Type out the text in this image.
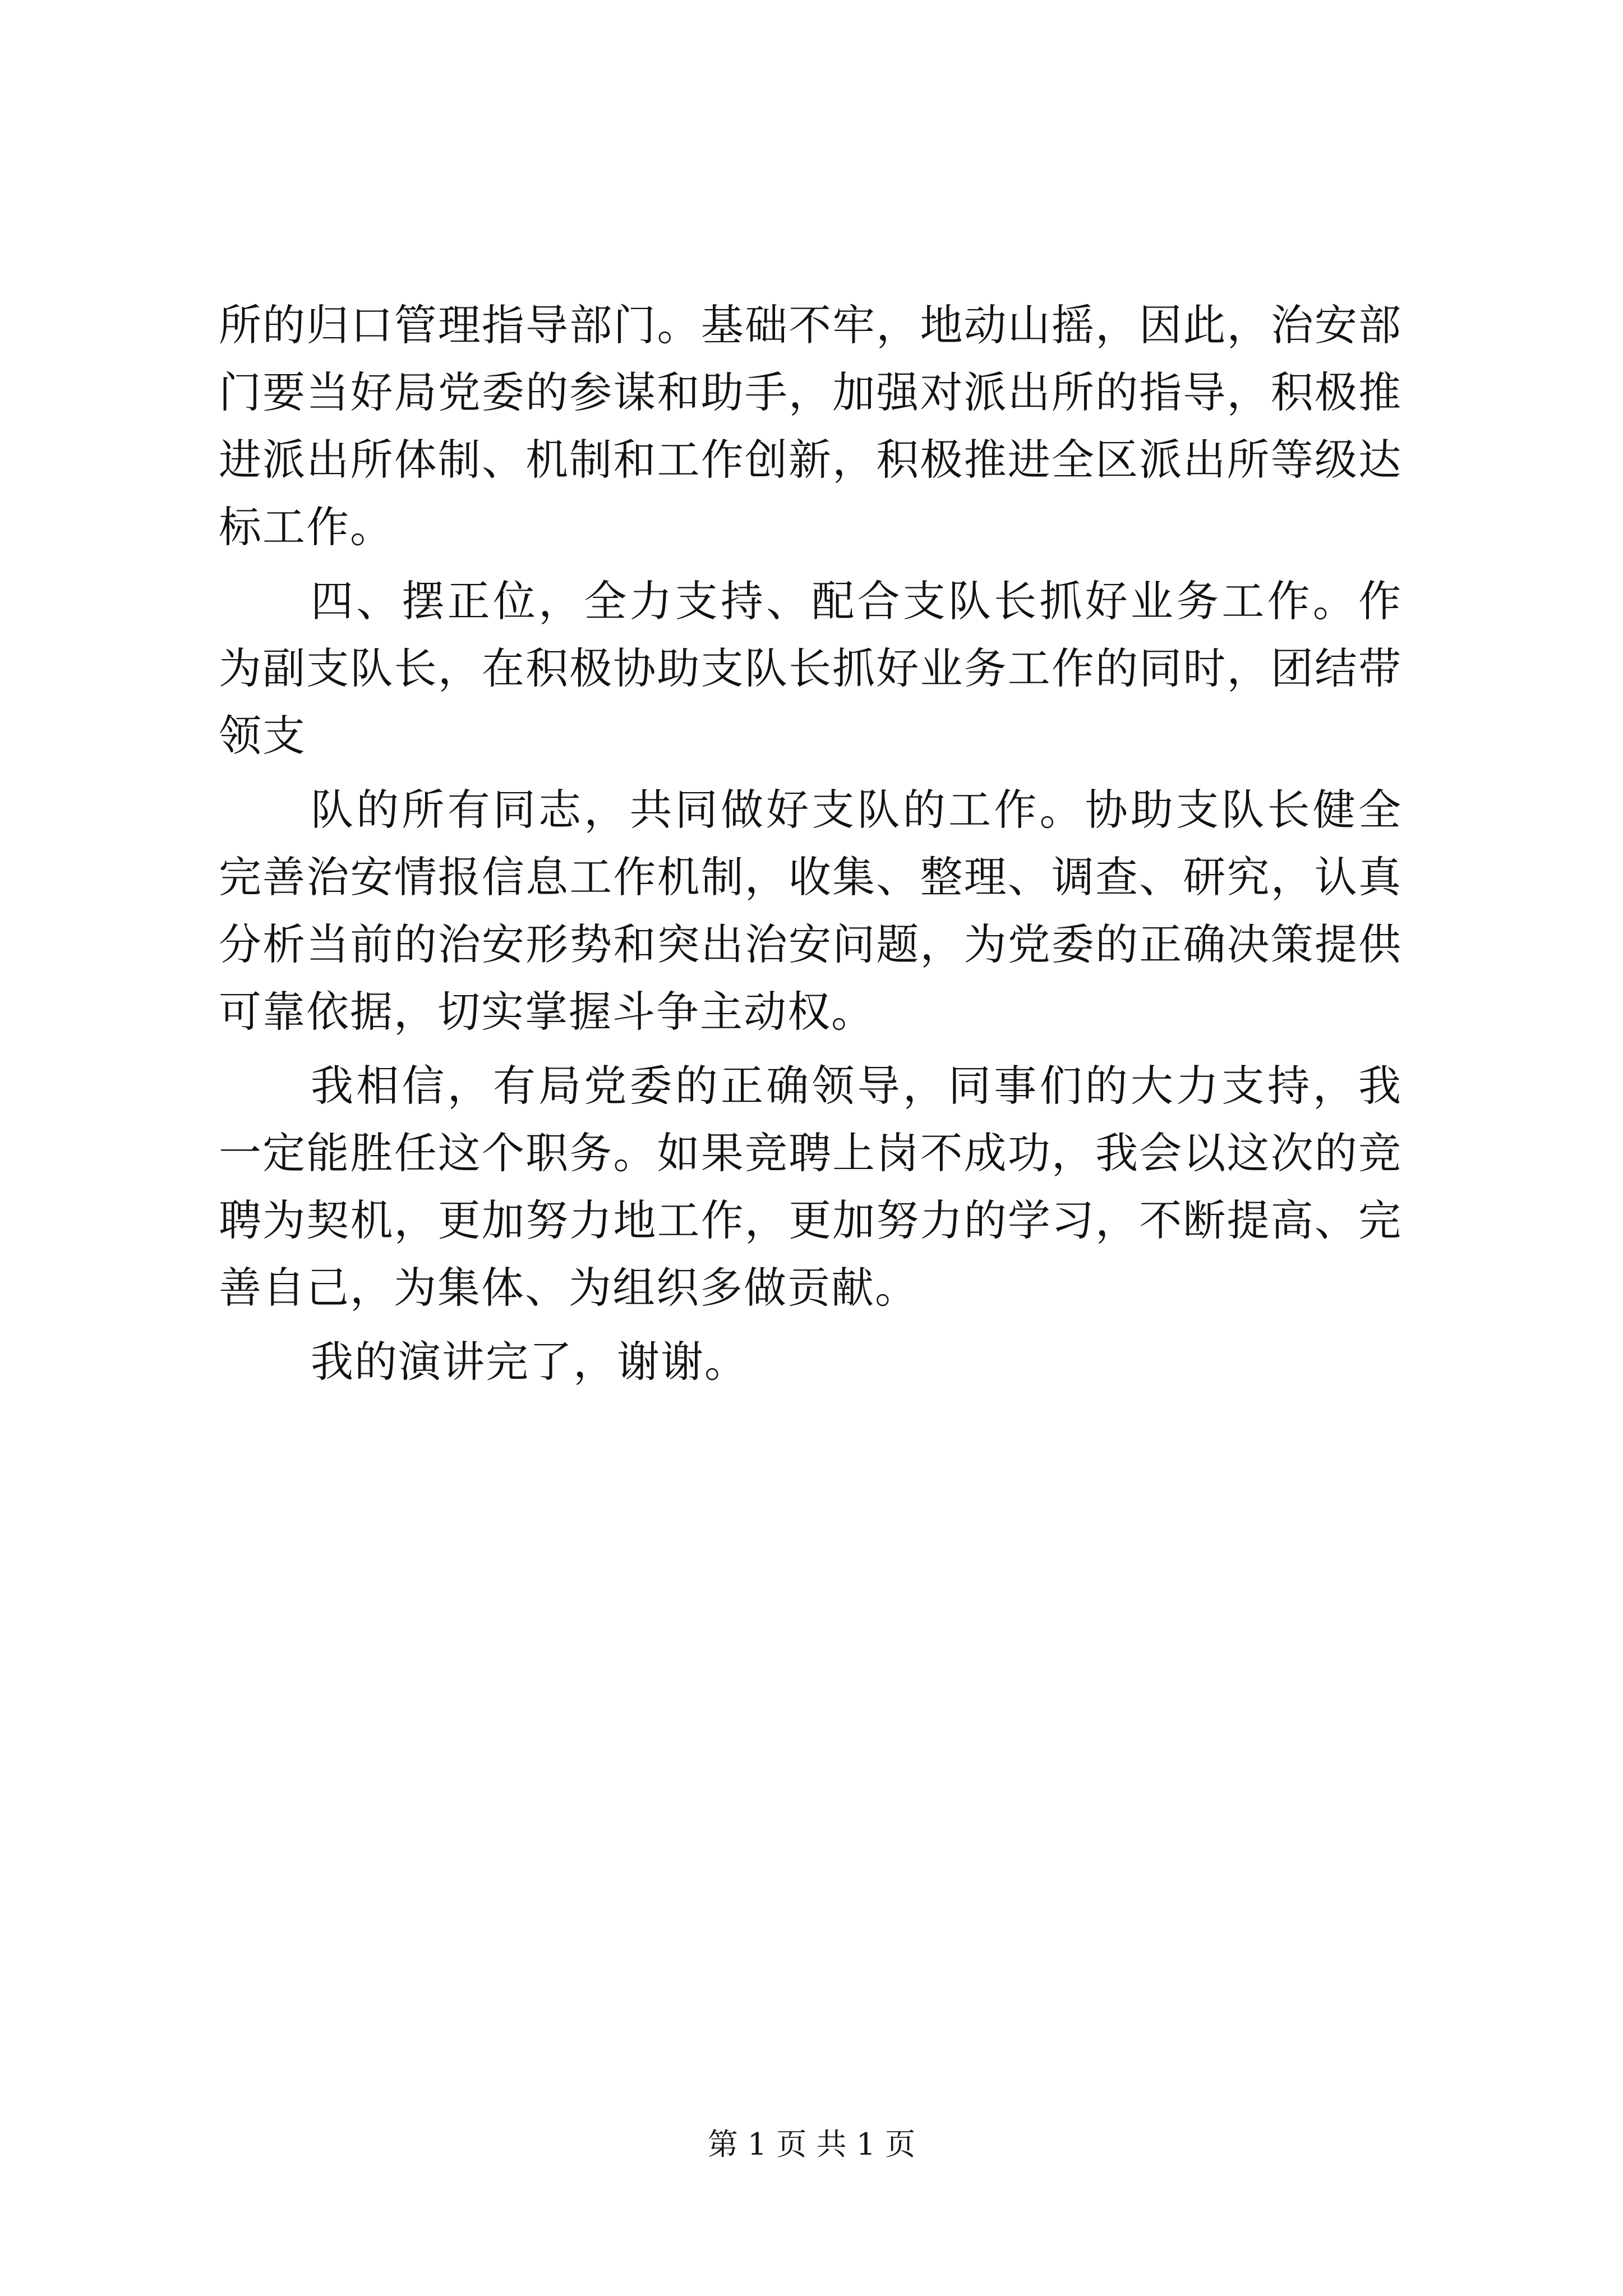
所的归口管理指导部门。基础不牢，地动山摇，因此，治安部门要当好局党委的参谋和助手，加强对派出所的指导，积极推进派出所体制、机制和工作创新，积极推进全区派出所等级达标工作。

四、摆正位，全力支持、配合支队长抓好业务工作。作为副支队长，在积极协助支队长抓好业务工作的同时，团结带领支

队的所有同志，共同做好支队的工作。协助支队长健全完善治安情报信息工作机制，收集、整理、调查、研究，认真分析当前的治安形势和突出治安问题，为党委的正确决策提供可靠依据，切实掌握斗争主动权。

我相信，有局党委的正确领导，同事们的大力支持，我一定能胜任这个职务。如果竞聘上岗不成功，我会以这次的竞聘为契机，更加努力地工作，更加努力的学习，不断提高、完善自己，为集体、为组织多做贡献。

我的演讲完了，谢谢。

第 1 页 共 1 页
